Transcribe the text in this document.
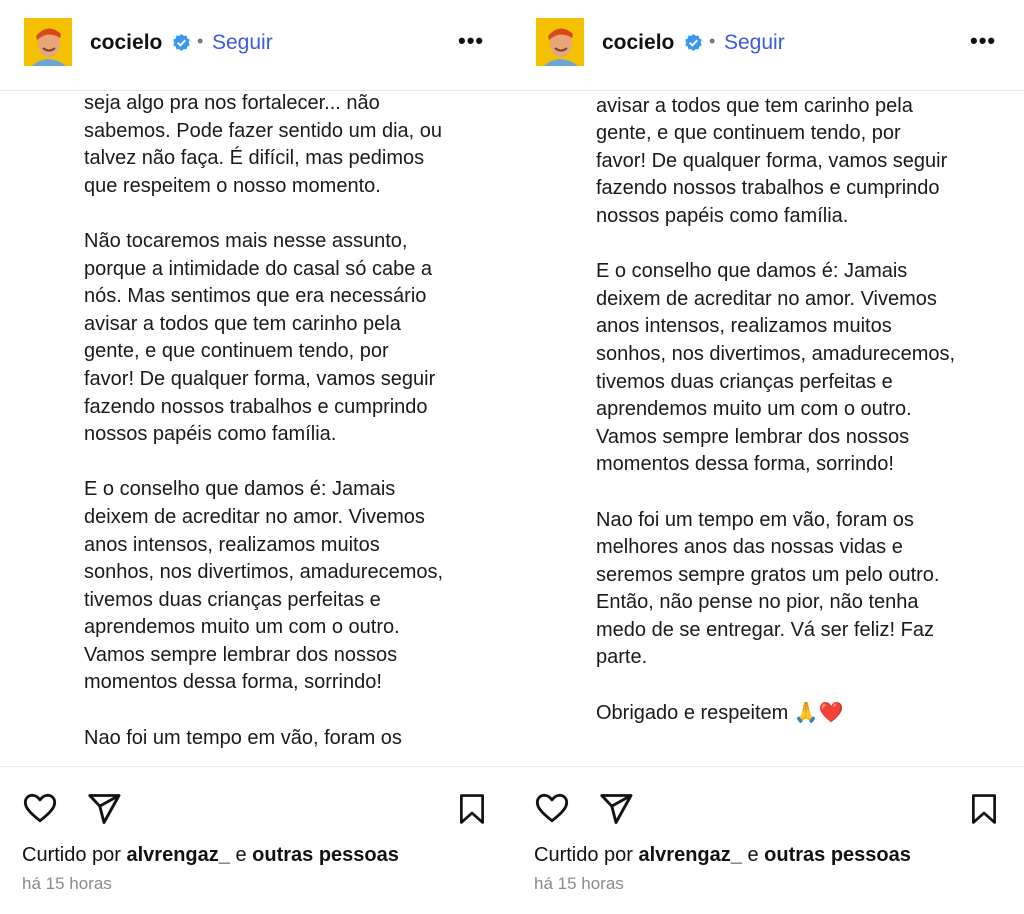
cocielo • Seguir	•••

seja algo pra nos fortalecer... não
sabemos. Pode fazer sentido um dia, ou
talvez não faça. É difícil, mas pedimos
que respeitem o nosso momento.

Não tocaremos mais nesse assunto,
porque a intimidade do casal só cabe a
nós. Mas sentimos que era necessário
avisar a todos que tem carinho pela
gente, e que continuem tendo, por
favor! De qualquer forma, vamos seguir
fazendo nossos trabalhos e cumprindo
nossos papéis como família.

E o conselho que damos é: Jamais
deixem de acreditar no amor. Vivemos
anos intensos, realizamos muitos
sonhos, nos divertimos, amadurecemos,
tivemos duas crianças perfeitas e
aprendemos muito um com o outro.
Vamos sempre lembrar dos nossos
momentos dessa forma, sorrindo!

Nao foi um tempo em vão, foram os

Curtido por alvrengaz_ e outras pessoas
há 15 horas
cocielo • Seguir	•••

avisar a todos que tem carinho pela
gente, e que continuem tendo, por
favor! De qualquer forma, vamos seguir
fazendo nossos trabalhos e cumprindo
nossos papéis como família.

E o conselho que damos é: Jamais
deixem de acreditar no amor. Vivemos
anos intensos, realizamos muitos
sonhos, nos divertimos, amadurecemos,
tivemos duas crianças perfeitas e
aprendemos muito um com o outro.
Vamos sempre lembrar dos nossos
momentos dessa forma, sorrindo!

Nao foi um tempo em vão, foram os
melhores anos das nossas vidas e
seremos sempre gratos um pelo outro.
Então, não pense no pior, não tenha
medo de se entregar. Vá ser feliz! Faz
parte.

Obrigado e respeitem 🙏❤️

Curtido por alvrengaz_ e outras pessoas
há 15 horas
